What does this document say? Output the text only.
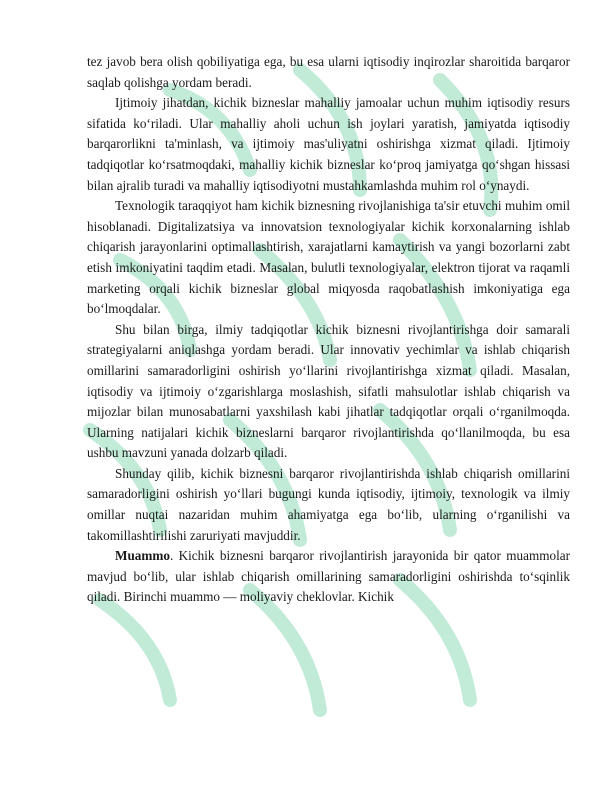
tez javob bera olish qobiliyatiga ega, bu esa ularni iqtisodiy inqirozlar sharoitida barqaror saqlab qolishga yordam beradi.

Ijtimoiy jihatdan, kichik bizneslar mahalliy jamoalar uchun muhim iqtisodiy resurs sifatida ko‘riladi. Ular mahalliy aholi uchun ish joylari yaratish, jamiyatda iqtisodiy barqarorlikni ta'minlash, va ijtimoiy mas'uliyatni oshirishga xizmat qiladi. Ijtimoiy tadqiqotlar ko‘rsatmoqdaki, mahalliy kichik bizneslar ko‘proq jamiyatga qo‘shgan hissasi bilan ajralib turadi va mahalliy iqtisodiyotni mustahkamlashda muhim rol o‘ynaydi.

Texnologik taraqqiyot ham kichik biznesning rivojlanishiga ta'sir etuvchi muhim omil hisoblanadi. Digitalizatsiya va innovatsion texnologiyalar kichik korxonalarning ishlab chiqarish jarayonlarini optimallashtirish, xarajatlarni kamaytirish va yangi bozorlarni zabt etish imkoniyatini taqdim etadi. Masalan, bulutli texnologiyalar, elektron tijorat va raqamli marketing orqali kichik bizneslar global miqyosda raqobatlashish imkoniyatiga ega bo‘lmoqdalar.

Shu bilan birga, ilmiy tadqiqotlar kichik biznesni rivojlantirishga doir samarali strategiyalarni aniqlashga yordam beradi. Ular innovativ yechimlar va ishlab chiqarish omillarini samaradorligini oshirish yo‘llarini rivojlantirishga xizmat qiladi. Masalan, iqtisodiy va ijtimoiy o‘zgarishlarga moslashish, sifatli mahsulotlar ishlab chiqarish va mijozlar bilan munosabatlarni yaxshilash kabi jihatlar tadqiqotlar orqali o‘rganilmoqda. Ularning natijalari kichik bizneslarni barqaror rivojlantirishda qo‘llanilmoqda, bu esa ushbu mavzuni yanada dolzarb qiladi.

Shunday qilib, kichik biznesni barqaror rivojlantirishda ishlab chiqarish omillarini samaradorligini oshirish yo‘llari bugungi kunda iqtisodiy, ijtimoiy, texnologik va ilmiy omillar nuqtai nazaridan muhim ahamiyatga ega bo‘lib, ularning o‘rganilishi va takomillashtirilishi zaruriyati mavjuddir.

Muammo. Kichik biznesni barqaror rivojlantirish jarayonida bir qator muammolar mavjud bo‘lib, ular ishlab chiqarish omillarining samaradorligini oshirishda to‘sqinlik qiladi. Birinchi muammo — moliyaviy cheklovlar. Kichik
